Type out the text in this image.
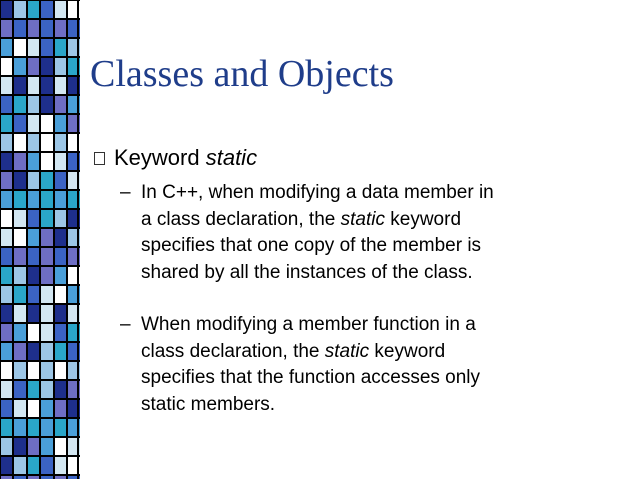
Classes and Objects
Keyword static
– In C++, when modifying a data member in
a class declaration, the static keyword
specifies that one copy of the member is
shared by all the instances of the class.
– When modifying a member function in a
class declaration, the static keyword
specifies that the function accesses only
static members.
